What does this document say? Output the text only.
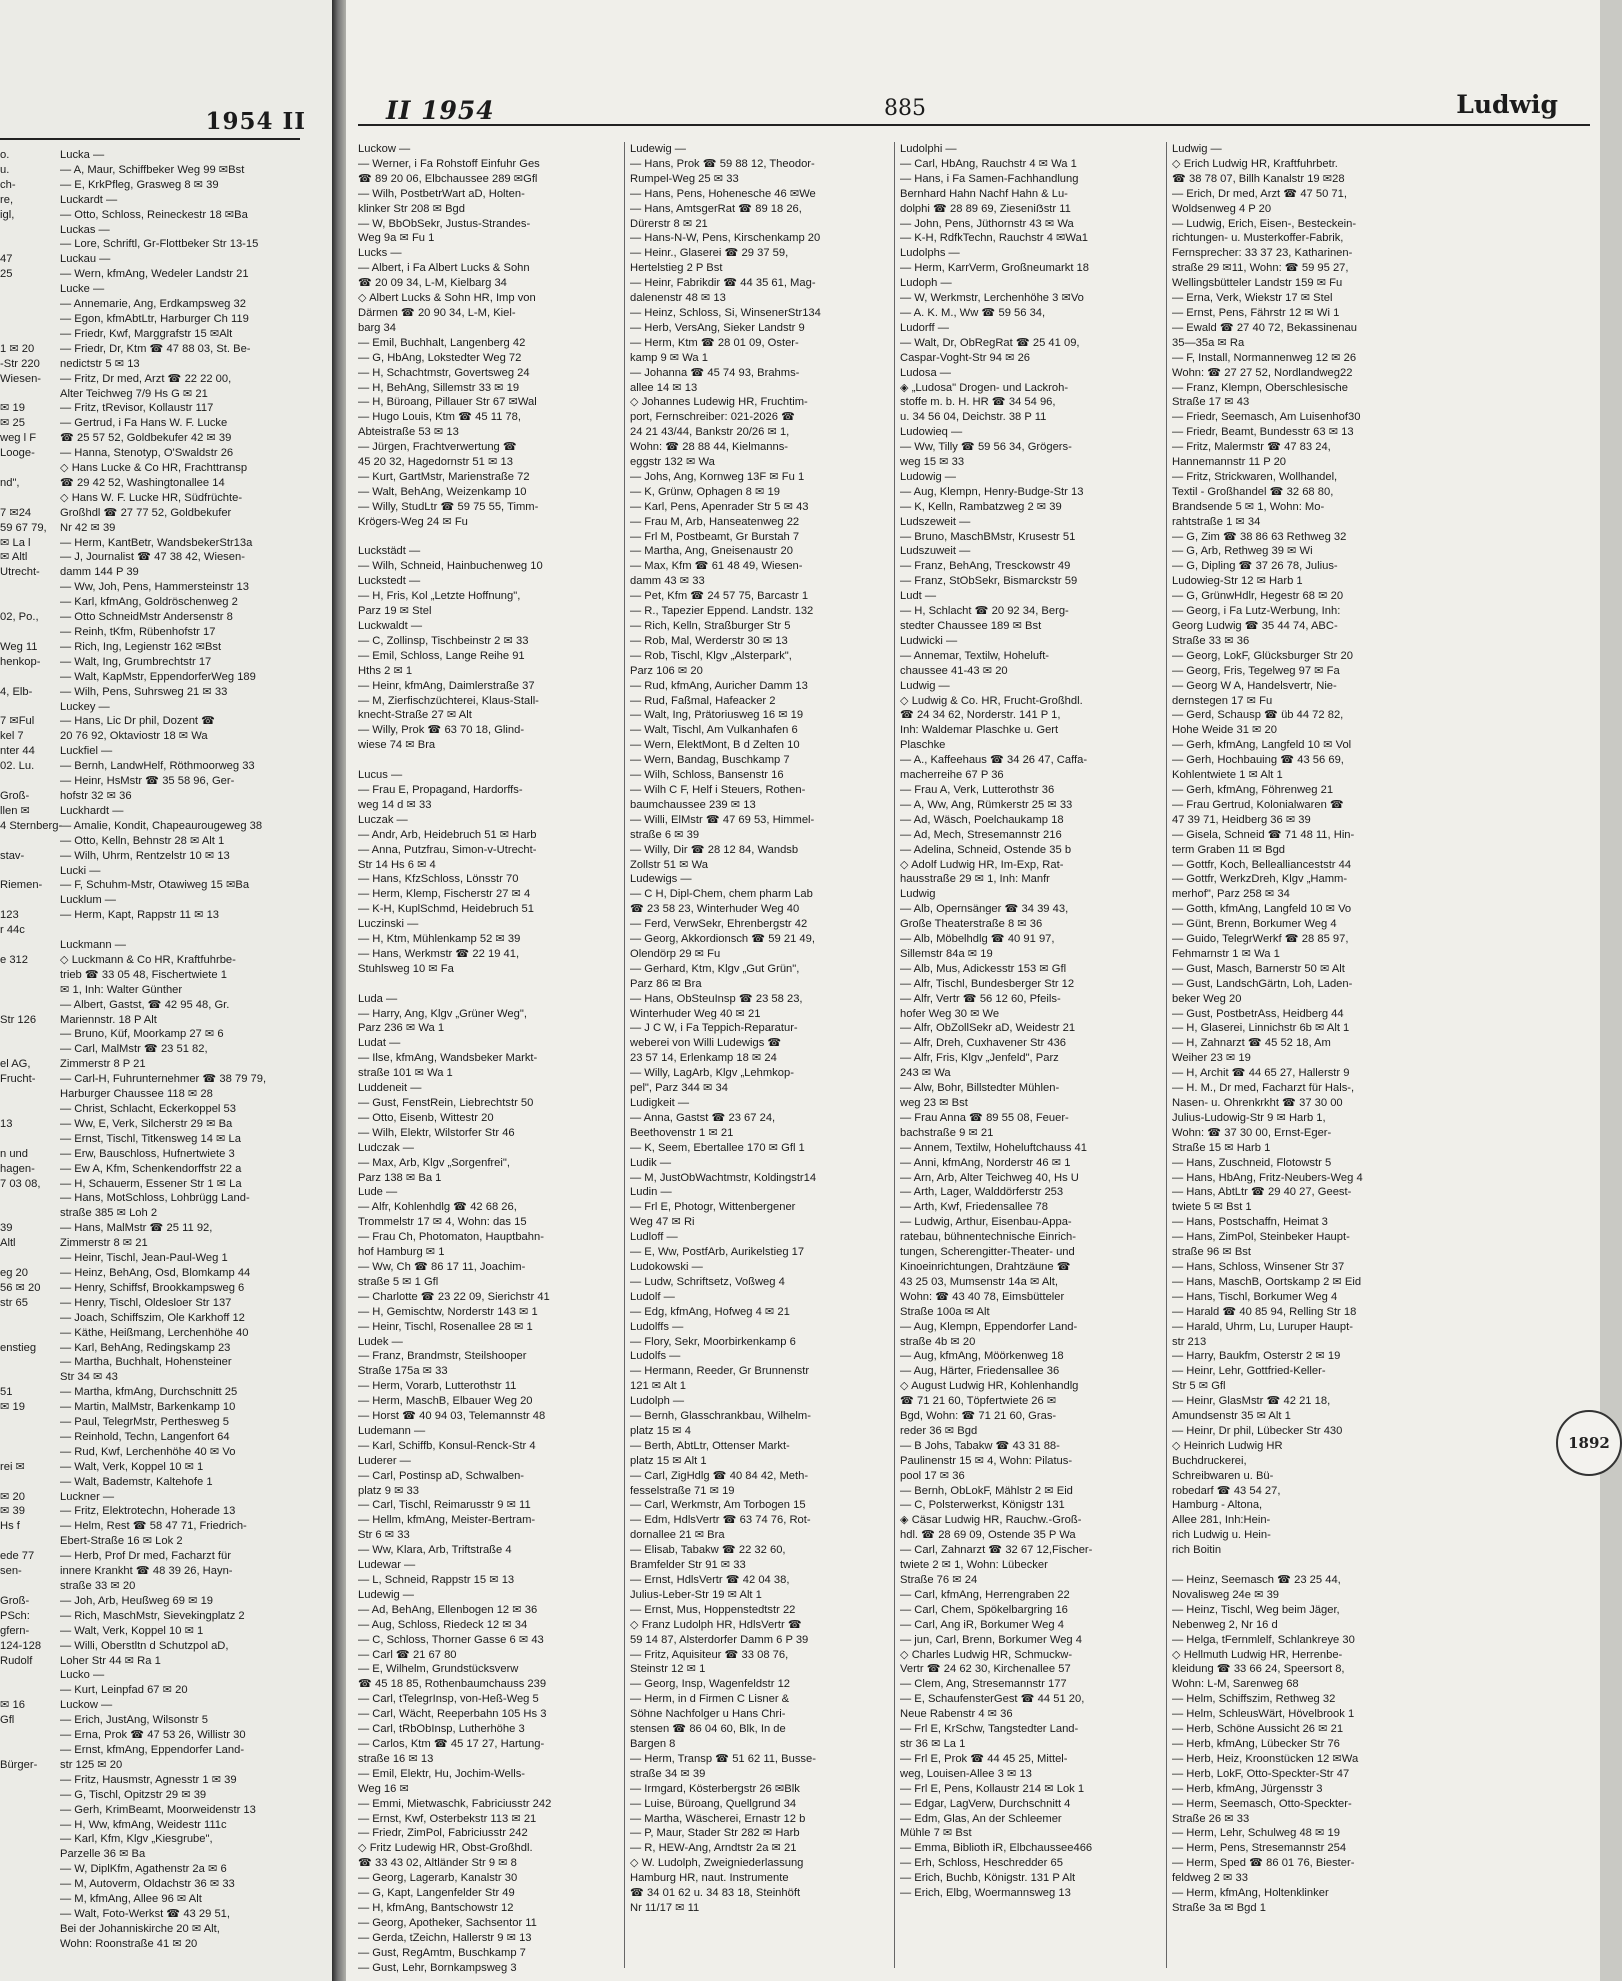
1954 II
o.
u.
ch-
re,
igl,

47
25

1 ✉ 20
-Str 220
Wiesen-

✉ 19
✉ 25
weg l F
Looge-

nd",

7 ✉24
59 67 79,
✉ La l
✉ Altl
Utrecht-

02, Po.,

Weg 11
henkop-

4, Elb-

7 ✉Ful
kel 7
nter 44
02. Lu.

Groß-
llen ✉
4 Sternberg-

stav-

Riemen-

123
r 44c

e 312

Str 126

el AG,
Frucht-

13

n und
hagen-
7 03 08,

39
Altl

eg 20
56 ✉ 20
str 65

enstieg

51
✉ 19

rei ✉

✉ 20
✉ 39
Hs f

ede 77
sen-

Groß-
PSch:
gfern-
124-128
Rudolf

✉ 16
Gfl

Bürger-
Lucka —
— A, Maur, Schiffbeker Weg 99 ✉Bst
— E, KrkPfleg, Grasweg 8 ✉ 39
Luckardt —
— Otto, Schloss, Reineckestr 18 ✉Ba
Luckas —
— Lore, Schriftl, Gr-Flottbeker Str 13-15
Luckau —
— Wern, kfmAng, Wedeler Landstr 21
Lucke —
— Annemarie, Ang, Erdkampsweg 32
— Egon, kfmAbtLtr, Harburger Ch 119
— Friedr, Kwf, Marggrafstr 15 ✉Alt
— Friedr, Dr, Ktm ☎ 47 88 03, St. Be-
nedictstr 5 ✉ 13
— Fritz, Dr med, Arzt ☎ 22 22 00,
Alter Teichweg 7/9 Hs G ✉ 21
— Fritz, tRevisor, Kollaustr 117
— Gertrud, i Fa Hans W. F. Lucke
☎ 25 57 52, Goldbekufer 42 ✉ 39
— Hanna, Stenotyp, O'Swaldstr 26
◇ Hans Lucke & Co HR, Frachttransp
☎ 29 42 52, Washingtonallee 14
◇ Hans W. F. Lucke HR, Südfrüchte-
Großhdl ☎ 27 77 52, Goldbekufer
Nr 42 ✉ 39
— Herm, KantBetr, WandsbekerStr13a
— J, Journalist ☎ 47 38 42, Wiesen-
damm 144 P 39
— Ww, Joh, Pens, Hammersteinstr 13
— Karl, kfmAng, Goldröschenweg 2
— Otto SchneidMstr Andersenstr 8
— Reinh, tKfm, Rübenhofstr 17
— Rich, Ing, Legienstr 162 ✉Bst
— Walt, Ing, Grumbrechtstr 17
— Walt, KapMstr, EppendorferWeg 189
— Wilh, Pens, Suhrsweg 21 ✉ 33
Luckey —
— Hans, Lic Dr phil, Dozent ☎
20 76 92, Oktaviostr 18 ✉ Wa
Luckfiel —
— Bernh, LandwHelf, Röthmoorweg 33
— Heinr, HsMstr ☎ 35 58 96, Ger-
hofstr 32 ✉ 36
Luckhardt —
— Amalie, Kondit, Chapeaurougeweg 38
— Otto, Kelln, Behnstr 28 ✉ Alt 1
— Wilh, Uhrm, Rentzelstr 10 ✉ 13
Lucki —
— F, Schuhm-Mstr, Otawiweg 15 ✉Ba
Lucklum —
— Herm, Kapt, Rappstr 11 ✉ 13

Luckmann —
◇ Luckmann & Co HR, Kraftfuhrbe-
trieb ☎ 33 05 48, Fischertwiete 1
✉ 1, Inh: Walter Günther
— Albert, Gastst, ☎ 42 95 48, Gr.
Mariennstr. 18 P Alt
— Bruno, Küf, Moorkamp 27 ✉ 6
— Carl, MalMstr ☎ 23 51 82,
Zimmerstr 8 P 21
— Carl-H, Fuhrunternehmer ☎ 38 79 79,
Harburger Chaussee 118 ✉ 28
— Christ, Schlacht, Eckerkoppel 53
— Ww, E, Verk, Silcherstr 29 ✉ Ba
— Ernst, Tischl, Titkensweg 14 ✉ La
— Erw, Bauschloss, Hufnertwiete 3
— Ew A, Kfm, Schenkendorffstr 22 a
— H, Schauerm, Essener Str 1 ✉ La
— Hans, MotSchloss, Lohbrügg Land-
straße 385 ✉ Loh 2
— Hans, MalMstr ☎ 25 11 92,
Zimmerstr 8 ✉ 21
— Heinr, Tischl, Jean-Paul-Weg 1
— Heinz, BehAng, Osd, Blomkamp 44
— Henry, Schiffsf, Brookkampsweg 6
— Henry, Tischl, Oldesloer Str 137
— Joach, Schiffszim, Ole Karkhoff 12
— Käthe, Heißmang, Lerchenhöhe 40
— Karl, BehAng, Redingskamp 23
— Martha, Buchhalt, Hohensteiner
Str 34 ✉ 43
— Martha, kfmAng, Durchschnitt 25
— Martin, MalMstr, Barkenkamp 10
— Paul, TelegrMstr, Perthesweg 5
— Reinhold, Techn, Langenfort 64
— Rud, Kwf, Lerchenhöhe 40 ✉ Vo
— Walt, Verk, Koppel 10 ✉ 1
— Walt, Bademstr, Kaltehofe 1
Luckner —
— Fritz, Elektrotechn, Hoherade 13
— Helm, Rest ☎ 58 47 71, Friedrich-
Ebert-Straße 16 ✉ Lok 2
— Herb, Prof Dr med, Facharzt für
innere Krankht ☎ 48 39 26, Hayn-
straße 33 ✉ 20
— Joh, Arb, Heußweg 69 ✉ 19
— Rich, MaschMstr, Sievekingplatz 2
— Walt, Verk, Koppel 10 ✉ 1
— Willi, Oberstltn d Schutzpol aD,
Loher Str 44 ✉ Ra 1
Lucko —
— Kurt, Leinpfad 67 ✉ 20
Luckow —
— Erich, JustAng, Wilsonstr 5
— Erna, Prok ☎ 47 53 26, Willistr 30
— Ernst, kfmAng, Eppendorfer Land-
str 125 ✉ 20
— Fritz, Hausmstr, Agnesstr 1 ✉ 39
— G, Tischl, Opitzstr 29 ✉ 39
— Gerh, KrimBeamt, Moorweidenstr 13
— H, Ww, kfmAng, Weidestr 111c
— Karl, Kfm, Klgv „Kiesgrube",
Parzelle 36 ✉ Ba
— W, DiplKfm, Agathenstr 2a ✉ 6
— M, Autoverm, Oldachstr 36 ✉ 33
— M, kfmAng, Allee 96 ✉ Alt
— Walt, Foto-Werkst ☎ 43 29 51,
Bei der Johanniskirche 20 ✉ Alt,
Wohn: Roonstraße 41 ✉ 20
II 1954	885	Ludwig
Luckow —
— Werner, i Fa Rohstoff Einfuhr Ges
☎ 89 20 06, Elbchaussee 289 ✉Gfl
— Wilh, PostbetrWart aD, Holten-
klinker Str 208 ✉ Bgd
— W, BbObSekr, Justus-Strandes-
Weg 9a ✉ Fu 1
Lucks —
— Albert, i Fa Albert Lucks & Sohn
☎ 20 09 34, L-M, Kielbarg 34
◇ Albert Lucks & Sohn HR, Imp von
Därmen ☎ 20 90 34, L-M, Kiel-
barg 34
— Emil, Buchhalt, Langenberg 42
— G, HbAng, Lokstedter Weg 72
— H, Schachtmstr, Govertsweg 24
— H, BehAng, Sillemstr 33 ✉ 19
— H, Büroang, Pillauer Str 67 ✉Wal
— Hugo Louis, Ktm ☎ 45 11 78,
Abteistraße 53 ✉ 13
— Jürgen, Frachtverwertung ☎
45 20 32, Hagedornstr 51 ✉ 13
— Kurt, GartMstr, Marienstraße 72
— Walt, BehAng, Weizenkamp 10
— Willy, StudLtr ☎ 59 75 55, Timm-
Krögers-Weg 24 ✉ Fu

Luckstädt —
— Wilh, Schneid, Hainbuchenweg 10
Luckstedt —
— H, Fris, Kol „Letzte Hoffnung",
Parz 19 ✉ Stel
Luckwaldt —
— C, Zollinsp, Tischbeinstr 2 ✉ 33
— Emil, Schloss, Lange Reihe 91
Hths 2 ✉ 1
— Heinr, kfmAng, Daimlerstraße 37
— M, Zierfischzüchterei, Klaus-Stall-
knecht-Straße 27 ✉ Alt
— Willy, Prok ☎ 63 70 18, Glind-
wiese 74 ✉ Bra

Lucus —
— Frau E, Propagand, Hardorffs-
weg 14 d ✉ 33
Luczak —
— Andr, Arb, Heidebruch 51 ✉ Harb
— Anna, Putzfrau, Simon-v-Utrecht-
Str 14 Hs 6 ✉ 4
— Hans, KfzSchloss, Lönsstr 70
— Herm, Klemp, Fischerstr 27 ✉ 4
— K-H, KuplSchmd, Heidebruch 51
Luczinski —
— H, Ktm, Mühlenkamp 52 ✉ 39
— Hans, Werkmstr ☎ 22 19 41,
Stuhlsweg 10 ✉ Fa

Luda —
— Harry, Ang, Klgv „Grüner Weg",
Parz 236 ✉ Wa 1
Ludat —
— Ilse, kfmAng, Wandsbeker Markt-
straße 101 ✉ Wa 1
Luddeneit —
— Gust, FenstRein, Liebrechtstr 50
— Otto, Eisenb, Wittestr 20
— Wilh, Elektr, Wilstorfer Str 46
Ludczak —
— Max, Arb, Klgv „Sorgenfrei",
Parz 138 ✉ Ba 1
Lude —
— Alfr, Kohlenhdlg ☎ 42 68 26,
Trommelstr 17 ✉ 4, Wohn: das 15
— Frau Ch, Photomaton, Hauptbahn-
hof Hamburg ✉ 1
— Ww, Ch ☎ 86 17 11, Joachim-
straße 5 ✉ 1 Gfl
— Charlotte ☎ 23 22 09, Sierichstr 41
— H, Gemischtw, Norderstr 143 ✉ 1
— Heinr, Tischl, Rosenallee 28 ✉ 1
Ludek —
— Franz, Brandmstr, Steilshooper
Straße 175a ✉ 33
— Herm, Vorarb, Lutterothstr 11
— Herm, MaschB, Elbauer Weg 20
— Horst ☎ 40 94 03, Telemannstr 48
Ludemann —
— Karl, Schiffb, Konsul-Renck-Str 4
Luderer —
— Carl, Postinsp aD, Schwalben-
platz 9 ✉ 33
— Carl, Tischl, Reimarusstr 9 ✉ 11
— Hellm, kfmAng, Meister-Bertram-
Str 6 ✉ 33
— Ww, Klara, Arb, Triftstraße 4
Ludewar —
— L, Schneid, Rappstr 15 ✉ 13
Ludewig —
— Ad, BehAng, Ellenbogen 12 ✉ 36
— Aug, Schloss, Riedeck 12 ✉ 34
— C, Schloss, Thorner Gasse 6 ✉ 43
— Carl ☎ 21 67 80
— E, Wilhelm, Grundstücksverw
☎ 45 18 85, Rothenbaumchauss 239
— Carl, tTelegrInsp, von-Heß-Weg 5
— Carl, Wächt, Reeperbahn 105 Hs 3
— Carl, tRbObInsp, Lutherhöhe 3
— Carlos, Ktm ☎ 45 17 27, Hartung-
straße 16 ✉ 13
— Emil, Elektr, Hu, Jochim-Wells-
Weg 16 ✉
— Emmi, Mietwaschk, Fabriciusstr 242
— Ernst, Kwf, Osterbekstr 113 ✉ 21
— Friedr, ZimPol, Fabriciusstr 242
◇ Fritz Ludewig HR, Obst-Großhdl.
☎ 33 43 02, Altländer Str 9 ✉ 8
— Georg, Lagerarb, Kanalstr 30
— G, Kapt, Langenfelder Str 49
— H, kfmAng, Bantschowstr 12
— Georg, Apotheker, Sachsentor 11
— Gerda, tZeichn, Hallerstr 9 ✉ 13
— Gust, RegAmtm, Buschkamp 7
— Gust, Lehr, Bornkampsweg 3
Ludewig —
— Hans, Prok ☎ 59 88 12, Theodor-
Rumpel-Weg 25 ✉ 33
— Hans, Pens, Hohenesche 46 ✉We
— Hans, AmtsgerRat ☎ 89 18 26,
Dürerstr 8 ✉ 21
— Hans-N-W, Pens, Kirschenkamp 20
— Heinr., Glaserei ☎ 29 37 59,
Hertelstieg 2 P Bst
— Heinr, Fabrikdir ☎ 44 35 61, Mag-
dalenenstr 48 ✉ 13
— Heinz, Schloss, Si, WinsenerStr134
— Herb, VersAng, Sieker Landstr 9
— Herm, Ktm ☎ 28 01 09, Oster-
kamp 9 ✉ Wa 1
— Johanna ☎ 45 74 93, Brahms-
allee 14 ✉ 13
◇ Johannes Ludewig HR, Fruchtim-
port, Fernschreiber: 021-2026 ☎
24 21 43/44, Bankstr 20/26 ✉ 1,
Wohn: ☎ 28 88 44, Kielmanns-
eggstr 132 ✉ Wa
— Johs, Ang, Kornweg 13F ✉ Fu 1
— K, Grünw, Ophagen 8 ✉ 19
— Karl, Pens, Apenrader Str 5 ✉ 43
— Frau M, Arb, Hanseatenweg 22
— Frl M, Postbeamt, Gr Burstah 7
— Martha, Ang, Gneisenaustr 20
— Max, Kfm ☎ 61 48 49, Wiesen-
damm 43 ✉ 33
— Pet, Kfm ☎ 24 57 75, Barcastr 1
— R., Tapezier Eppend. Landstr. 132
— Rich, Kelln, Straßburger Str 5
— Rob, Mal, Werderstr 30 ✉ 13
— Rob, Tischl, Klgv „Alsterpark",
Parz 106 ✉ 20
— Rud, kfmAng, Auricher Damm 13
— Rud, Faßmal, Hafeacker 2
— Walt, Ing, Prätoriusweg 16 ✉ 19
— Walt, Tischl, Am Vulkanhafen 6
— Wern, ElektMont, B d Zelten 10
— Wern, Bandag, Buschkamp 7
— Wilh, Schloss, Bansenstr 16
— Wilh C F, Helf i Steuers, Rothen-
baumchaussee 239 ✉ 13
— Willi, ElMstr ☎ 47 69 53, Himmel-
straße 6 ✉ 39
— Willy, Dir ☎ 28 12 84, Wandsb
Zollstr 51 ✉ Wa
Ludewigs —
— C H, Dipl-Chem, chem pharm Lab
☎ 23 58 23, Winterhuder Weg 40
— Ferd, VerwSekr, Ehrenbergstr 42
— Georg, Akkordionsch ☎ 59 21 49,
Olendörp 29 ✉ Fu
— Gerhard, Ktm, Klgv „Gut Grün",
Parz 86 ✉ Bra
— Hans, ObSteuInsp ☎ 23 58 23,
Winterhuder Weg 40 ✉ 21
— J C W, i Fa Teppich-Reparatur-
weberei von Willi Ludewigs ☎
23 57 14, Erlenkamp 18 ✉ 24
— Willy, LagArb, Klgv „Lehmkop-
pel", Parz 344 ✉ 34
Ludigkeit —
— Anna, Gastst ☎ 23 67 24,
Beethovenstr 1 ✉ 21
— K, Seem, Ebertallee 170 ✉ Gfl 1
Ludik —
— M, JustObWachtmstr, Koldingstr14
Ludin —
— Frl E, Photogr, Wittenbergener
Weg 47 ✉ Ri
Ludloff —
— E, Ww, PostfArb, Aurikelstieg 17
Ludokowski —
— Ludw, Schriftsetz, Voßweg 4
Ludolf —
— Edg, kfmAng, Hofweg 4 ✉ 21
Ludolffs —
— Flory, Sekr, Moorbirkenkamp 6
Ludolfs —
— Hermann, Reeder, Gr Brunnenstr
121 ✉ Alt 1
Ludolph —
— Bernh, Glasschrankbau, Wilhelm-
platz 15 ✉ 4
— Berth, AbtLtr, Ottenser Markt-
platz 15 ✉ Alt 1
— Carl, ZigHdlg ☎ 40 84 42, Meth-
fesselstraße 71 ✉ 19
— Carl, Werkmstr, Am Torbogen 15
— Edm, HdlsVertr ☎ 63 74 76, Rot-
dornallee 21 ✉ Bra
— Elisab, Tabakw ☎ 22 32 60,
Bramfelder Str 91 ✉ 33
— Ernst, HdlsVertr ☎ 42 04 38,
Julius-Leber-Str 19 ✉ Alt 1
— Ernst, Mus, Hoppenstedtstr 22
◇ Franz Ludolph HR, HdlsVertr ☎
59 14 87, Alsterdorfer Damm 6 P 39
— Fritz, Aquisiteur ☎ 33 08 76,
Steinstr 12 ✉ 1
— Georg, Insp, Wagenfeldstr 12
— Herm, in d Firmen C Lisner &
Söhne Nachfolger u Hans Chri-
stensen ☎ 86 04 60, Blk, In de
Bargen 8
— Herm, Transp ☎ 51 62 11, Busse-
straße 34 ✉ 39
— Irmgard, Kösterbergstr 26 ✉Blk
— Luise, Büroang, Quellgrund 34
— Martha, Wäscherei, Ernastr 12 b
— P, Maur, Stader Str 282 ✉ Harb
— R, HEW-Ang, Arndtstr 2a ✉ 21
◇ W. Ludolph, Zweigniederlassung
Hamburg HR, naut. Instrumente
☎ 34 01 62 u. 34 83 18, Steinhöft
Nr 11/17 ✉ 11
Ludolphi —
— Carl, HbAng, Rauchstr 4 ✉ Wa 1
— Hans, i Fa Samen-Fachhandlung
Bernhard Hahn Nachf Hahn & Lu-
dolphi ☎ 28 89 69, Zieseniẞstr 11
— John, Pens, Jüthornstr 43 ✉ Wa
— K-H, RdfkTechn, Rauchstr 4 ✉Wa1
Ludolphs —
— Herm, KarrVerm, Großneumarkt 18
Ludoph —
— W, Werkmstr, Lerchenhöhe 3 ✉Vo
— A. K. M., Ww ☎ 59 56 34,
Ludorff —
— Walt, Dr, ObRegRat ☎ 25 41 09,
Caspar-Voght-Str 94 ✉ 26
Ludosa —
◈ „Ludosa" Drogen- und Lackroh-
stoffe m. b. H. HR ☎ 34 54 96,
u. 34 56 04, Deichstr. 38 P 11
Ludowieq —
— Ww, Tilly ☎ 59 56 34, Grögers-
weg 15 ✉ 33
Ludowig —
— Aug, Klempn, Henry-Budge-Str 13
— K, Kelln, Rambatzweg 2 ✉ 39
Ludszeweit —
— Bruno, MaschBMstr, Krusestr 51
Ludszuweit —
— Franz, BehAng, Tresckowstr 49
— Franz, StObSekr, Bismarckstr 59
Ludt —
— H, Schlacht ☎ 20 92 34, Berg-
stedter Chaussee 189 ✉ Bst
Ludwicki —
— Annemar, Textilw, Hoheluft-
chaussee 41-43 ✉ 20
Ludwig —
◇ Ludwig & Co. HR, Frucht-Großhdl.
☎ 24 34 62, Norderstr. 141 P 1,
Inh: Waldemar Plaschke u. Gert
Plaschke
— A., Kaffeehaus ☎ 34 26 47, Caffa-
macherreihe 67 P 36
— Frau A, Verk, Lutterothstr 36
— A, Ww, Ang, Rümkerstr 25 ✉ 33
— Ad, Wäsch, Poelchaukamp 18
— Ad, Mech, Stresemannstr 216
— Adelina, Schneid, Ostende 35 b
◇ Adolf Ludwig HR, Im-Exp, Rat-
hausstraße 29 ✉ 1, Inh: Manfr
Ludwig
— Alb, Opernsänger ☎ 34 39 43,
Große Theaterstraße 8 ✉ 36
— Alb, Möbelhdlg ☎ 40 91 97,
Sillemstr 84a ✉ 19
— Alb, Mus, Adickesstr 153 ✉ Gfl
— Alfr, Tischl, Bundesberger Str 12
— Alfr, Vertr ☎ 56 12 60, Pfeils-
hofer Weg 30 ✉ We
— Alfr, ObZollSekr aD, Weidestr 21
— Alfr, Dreh, Cuxhavener Str 436
— Alfr, Fris, Klgv „Jenfeld", Parz
243 ✉ Wa
— Alw, Bohr, Billstedter Mühlen-
weg 23 ✉ Bst
— Frau Anna ☎ 89 55 08, Feuer-
bachstraße 9 ✉ 21
— Annem, Textilw, Hoheluftchauss 41
— Anni, kfmAng, Norderstr 46 ✉ 1
— Arn, Arb, Alter Teichweg 40, Hs U
— Arth, Lager, Walddörferstr 253
— Arth, Kwf, Friedensallee 78
— Ludwig, Arthur, Eisenbau-Appa-
ratebau, bühnentechnische Einrich-
tungen, Scherengitter-Theater- und
Kinoeinrichtungen, Drahtzäune ☎
43 25 03, Mumsenstr 14a ✉ Alt,
Wohn: ☎ 43 40 78, Eimsbütteler
Straße 100a ✉ Alt
— Aug, Klempn, Eppendorfer Land-
straße 4b ✉ 20
— Aug, kfmAng, Möörkenweg 18
— Aug, Härter, Friedensallee 36
◇ August Ludwig HR, Kohlenhandlg
☎ 71 21 60, Töpfertwiete 26 ✉
Bgd, Wohn: ☎ 71 21 60, Gras-
reder 36 ✉ Bgd
— B Johs, Tabakw ☎ 43 31 88-
Paulinenstr 15 ✉ 4, Wohn: Pilatus-
pool 17 ✉ 36
— Bernh, ObLokF, Mählstr 2 ✉ Eid
— C, Polsterwerkst, Königstr 131
◈ Cäsar Ludwig HR, Rauchw.-Groß-
hdl. ☎ 28 69 09, Ostende 35 P Wa
— Carl, Zahnarzt ☎ 32 67 12,Fischer-
twiete 2 ✉ 1, Wohn: Lübecker
Straße 76 ✉ 24
— Carl, kfmAng, Herrengraben 22
— Carl, Chem, Spökelbargring 16
— Carl, Ang iR, Borkumer Weg 4
— jun, Carl, Brenn, Borkumer Weg 4
◇ Charles Ludwig HR, Schmuckw-
Vertr ☎ 24 62 30, Kirchenallee 57
— Clem, Ang, Stresemannstr 177
— E, SchaufensterGest ☎ 44 51 20,
Neue Rabenstr 4 ✉ 36
— Frl E, KrSchw, Tangstedter Land-
str 36 ✉ La 1
— Frl E, Prok ☎ 44 45 25, Mittel-
weg, Louisen-Allee 3 ✉ 13
— Frl E, Pens, Kollaustr 214 ✉ Lok 1
— Edgar, LagVerw, Durchschnitt 4
— Edm, Glas, An der Schleemer
Mühle 7 ✉ Bst
— Emma, Biblioth iR, Elbchaussee466
— Erh, Schloss, Heschredder 65
— Erich, Buchb, Königstr. 131 P Alt
— Erich, Elbg, Woermannsweg 13
Ludwig —
◇ Erich Ludwig HR, Kraftfuhrbetr.
☎ 38 78 07, Billh Kanalstr 19 ✉28
— Erich, Dr med, Arzt ☎ 47 50 71,
Woldsenweg 4 P 20
— Ludwig, Erich, Eisen-, Besteckein-
richtungen- u. Musterkoffer-Fabrik,
Fernsprecher: 33 37 23, Katharinen-
straße 29 ✉11, Wohn: ☎ 59 95 27,
Wellingsbütteler Landstr 159 ✉ Fu
— Erna, Verk, Wiekstr 17 ✉ Stel
— Ernst, Pens, Fährstr 12 ✉ Wi 1
— Ewald ☎ 27 40 72, Bekassinenau
35—35a ✉ Ra
— F, Install, Normannenweg 12 ✉ 26
Wohn: ☎ 27 27 52, Nordlandweg22
— Franz, Klempn, Oberschlesische
Straße 17 ✉ 43
— Friedr, Seemasch, Am Luisenhof30
— Friedr, Beamt, Bundesstr 63 ✉ 13
— Fritz, Malermstr ☎ 47 83 24,
Hannemannstr 11 P 20
— Fritz, Strickwaren, Wollhandel,
Textil - Großhandel ☎ 32 68 80,
Brandsende 5 ✉ 1, Wohn: Mo-
rahtstraße 1 ✉ 34
— G, Zim ☎ 38 86 63 Rethweg 32
— G, Arb, Rethweg 39 ✉ Wi
— G, Dipling ☎ 37 26 78, Julius-
Ludowieg-Str 12 ✉ Harb 1
— G, GrünwHdlr, Hegestr 68 ✉ 20
— Georg, i Fa Lutz-Werbung, Inh:
Georg Ludwig ☎ 35 44 74, ABC-
Straße 33 ✉ 36
— Georg, LokF, Glücksburger Str 20
— Georg, Fris, Tegelweg 97 ✉ Fa
— Georg W A, Handelsvertr, Nie-
dernstegen 17 ✉ Fu
— Gerd, Schausp ☎ üb 44 72 82,
Hohe Weide 31 ✉ 20
— Gerh, kfmAng, Langfeld 10 ✉ Vol
— Gerh, Hochbauing ☎ 43 56 69,
Kohlentwiete 1 ✉ Alt 1
— Gerh, kfmAng, Föhrenweg 21
— Frau Gertrud, Kolonialwaren ☎
47 39 71, Heidberg 36 ✉ 39
— Gisela, Schneid ☎ 71 48 11, Hin-
term Graben 11 ✉ Bgd
— Gottfr, Koch, Belleallianceststr 44
— Gottfr, WerkzDreh, Klgv „Hamm-
merhof", Parz 258 ✉ 34
— Gotth, kfmAng, Langfeld 10 ✉ Vo
— Günt, Brenn, Borkumer Weg 4
— Guido, TelegrWerkf ☎ 28 85 97,
Fehmarnstr 1 ✉ Wa 1
— Gust, Masch, Barnerstr 50 ✉ Alt
— Gust, LandschGärtn, Loh, Laden-
beker Weg 20
— Gust, PostbetrAss, Heidberg 44
— H, Glaserei, Linnichstr 6b ✉ Alt 1
— H, Zahnarzt ☎ 45 52 18, Am
Weiher 23 ✉ 19
— H, Archit ☎ 44 65 27, Hallerstr 9
— H. M., Dr med, Facharzt für Hals-,
Nasen- u. Ohrenkrkht ☎ 37 30 00
Julius-Ludowig-Str 9 ✉ Harb 1,
Wohn: ☎ 37 30 00, Ernst-Eger-
Straße 15 ✉ Harb 1
— Hans, Zuschneid, Flotowstr 5
— Hans, HbAng, Fritz-Neubers-Weg 4
— Hans, AbtLtr ☎ 29 40 27, Geest-
twiete 5 ✉ Bst 1
— Hans, Postschaffn, Heimat 3
— Hans, ZimPol, Steinbeker Haupt-
straße 96 ✉ Bst
— Hans, Schloss, Winsener Str 37
— Hans, MaschB, Oortskamp 2 ✉ Eid
— Hans, Tischl, Borkumer Weg 4
— Harald ☎ 40 85 94, Relling Str 18
— Harald, Uhrm, Lu, Luruper Haupt-
str 213
— Harry, Baukfm, Osterstr 2 ✉ 19
— Heinr, Lehr, Gottfried-Keller-
Str 5 ✉ Gfl
— Heinr, GlasMstr ☎ 42 21 18,
Amundsenstr 35 ✉ Alt 1
— Heinr, Dr phil, Lübecker Str 430
◇ Heinrich Ludwig HR
Buchdruckerei,
Schreibwaren u. Bü-
robedarf ☎ 43 54 27,
Hamburg - Altona,
Allee 281, Inh:Hein-
rich Ludwig u. Hein-
rich Boitin

— Heinz, Seemasch ☎ 23 25 44,
Novalisweg 24e ✉ 39
— Heinz, Tischl, Weg beim Jäger,
Nebenweg 2, Nr 16 d
— Helga, tFernmlelf, Schlankreye 30
◇ Hellmuth Ludwig HR, Herrenbe-
kleidung ☎ 33 66 24, Speersort 8,
Wohn: L-M, Sarenweg 68
— Helm, Schiffszim, Rethweg 32
— Helm, SchleusWärt, Hövelbrook 1
— Herb, Schöne Aussicht 26 ✉ 21
— Herb, kfmAng, Lübecker Str 76
— Herb, Heiz, Kroonstücken 12 ✉Wa
— Herb, LokF, Otto-Speckter-Str 47
— Herb, kfmAng, Jürgensstr 3
— Herm, Seemasch, Otto-Speckter-
Straße 26 ✉ 33
— Herm, Lehr, Schulweg 48 ✉ 19
— Herm, Pens, Stresemannstr 254
— Herm, Sped ☎ 86 01 76, Biester-
feldweg 2 ✉ 33
— Herm, kfmAng, Holtenklinker
Straße 3a ✉ Bgd 1
1892
